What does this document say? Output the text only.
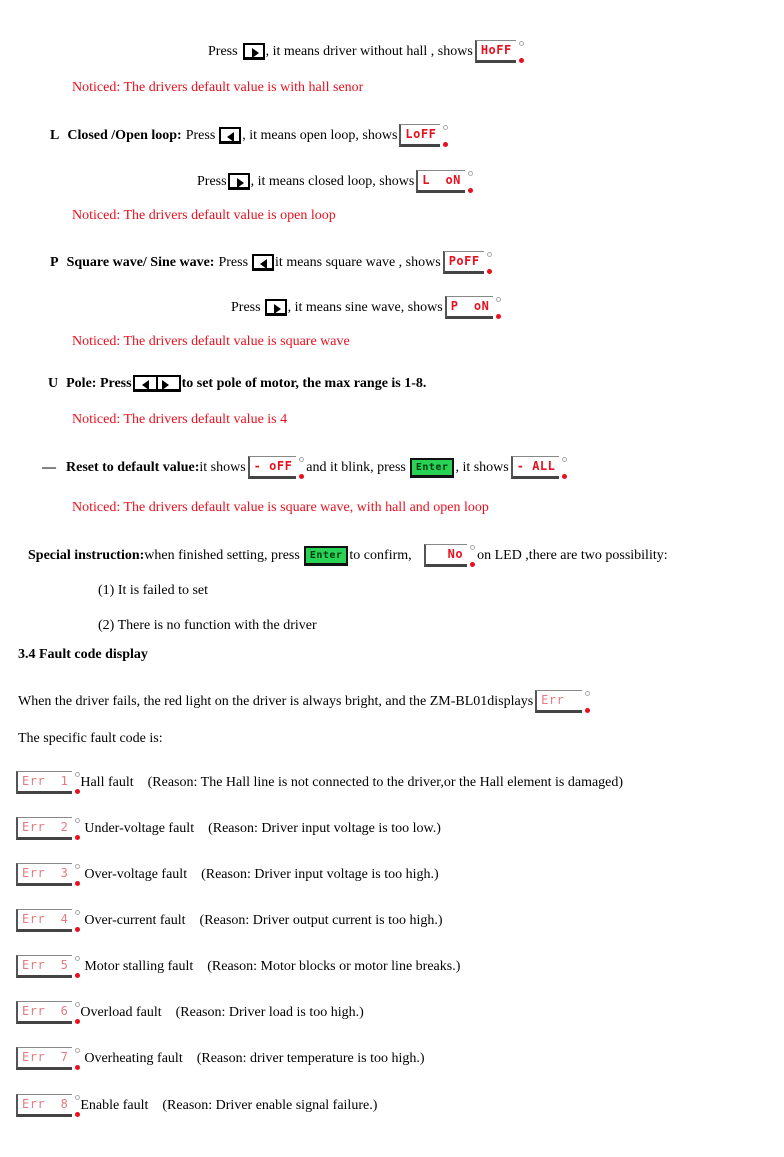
Press , it means driver without hall , shows HoFF
Noticed: The drivers default value is with hall senor
L Closed /Open loop: Press , it means open loop, shows LoFF
Press , it means closed loop, shows L  oN
Noticed: The drivers default value is open loop
P Square wave/ Sine wave: Press it means square wave , shows PoFF
Press , it means sine wave, shows P  oN
Noticed: The drivers default value is square wave
U Pole: Press	to set pole of motor, the max range is 1-8.
Noticed: The drivers default value is 4
— Reset to default value: it shows - oFF and it blink, press	Enter , it shows - ALL
Noticed: The drivers default value is square wave, with hall and open loop
Special instruction: when finished setting, press	Enter to confirm,	No on LED ,there are two possibility:
(1) It is failed to set
(2) There is no function with the driver
3.4 Fault code display
When the driver fails, the red light on the driver is always bright, and the ZM-BL01displays Err
The specific fault code is:
Err  1 Hall fault (Reason: The Hall line is not connected to the driver,or the Hall element is damaged)
Err  2 Under-voltage fault (Reason: Driver input voltage is too low.)
Err  3 Over-voltage fault (Reason: Driver input voltage is too high.)
Err  4 Over-current fault (Reason: Driver output current is too high.)
Err  5 Motor stalling fault (Reason: Motor blocks or motor line breaks.)
Err  6 Overload fault (Reason: Driver load is too high.)
Err  7 Overheating fault (Reason: driver temperature is too high.)
Err  8 Enable fault (Reason: Driver enable signal failure.)
